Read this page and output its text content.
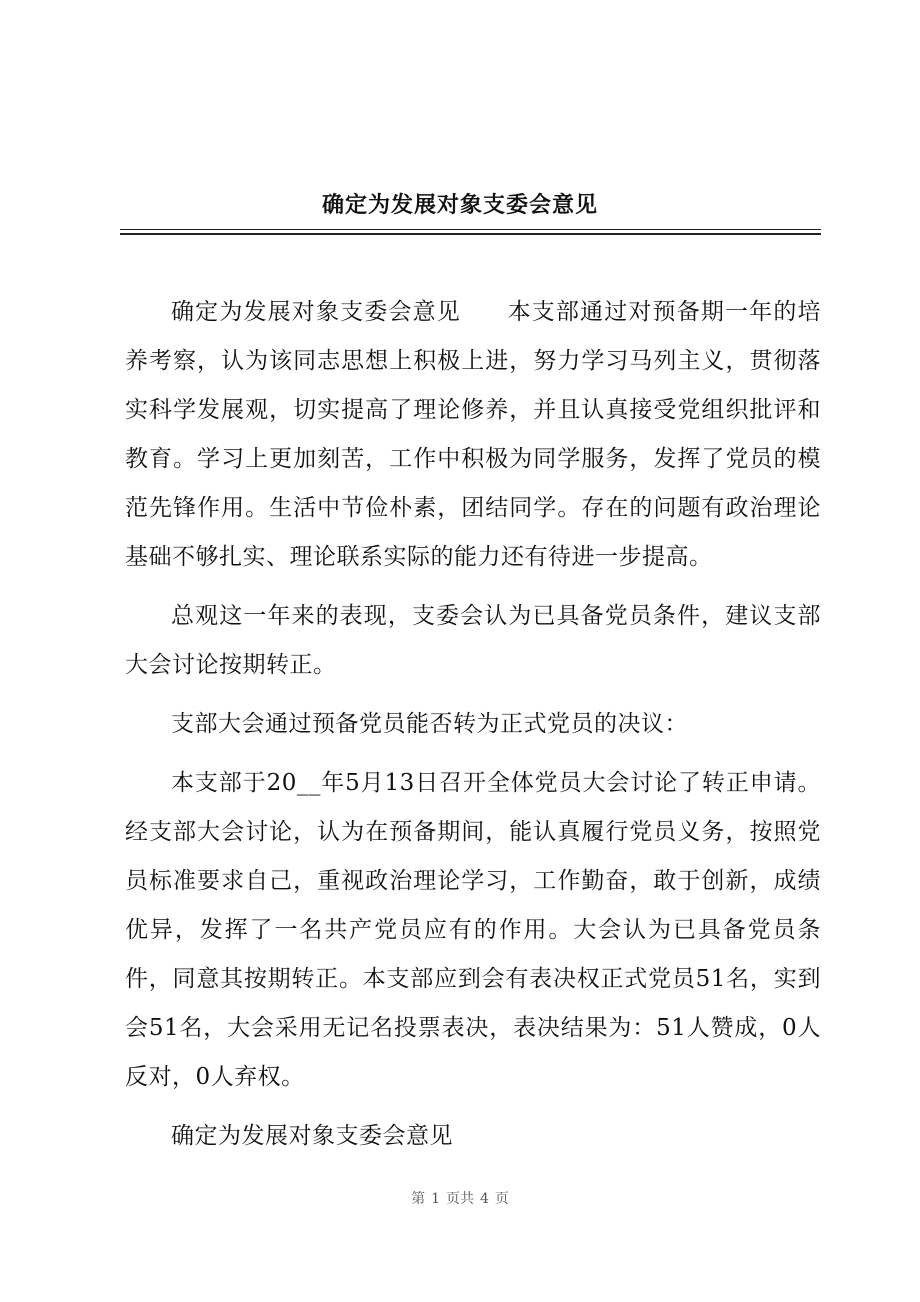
确定为发展对象支委会意见

确定为发展对象支委会意见 本支部通过对预备期一年的培养考察，认为该同志思想上积极上进，努力学习马列主义，贯彻落实科学发展观，切实提高了理论修养，并且认真接受党组织批评和教育。学习上更加刻苦，工作中积极为同学服务，发挥了党员的模范先锋作用。生活中节俭朴素，团结同学。存在的问题有政治理论基础不够扎实、理论联系实际的能力还有待进一步提高。

总观这一年来的表现，支委会认为已具备党员条件，建议支部大会讨论按期转正。

支部大会通过预备党员能否转为正式党员的决议：

本支部于20__年5月13日召开全体党员大会讨论了转正申请。经支部大会讨论，认为在预备期间，能认真履行党员义务，按照党员标准要求自己，重视政治理论学习，工作勤奋，敢于创新，成绩优异，发挥了一名共产党员应有的作用。大会认为已具备党员条件，同意其按期转正。本支部应到会有表决权正式党员51名，实到会51名，大会采用无记名投票表决，表决结果为：51人赞成，0人反对，0人弃权。

确定为发展对象支委会意见

第 1 页共 4 页
